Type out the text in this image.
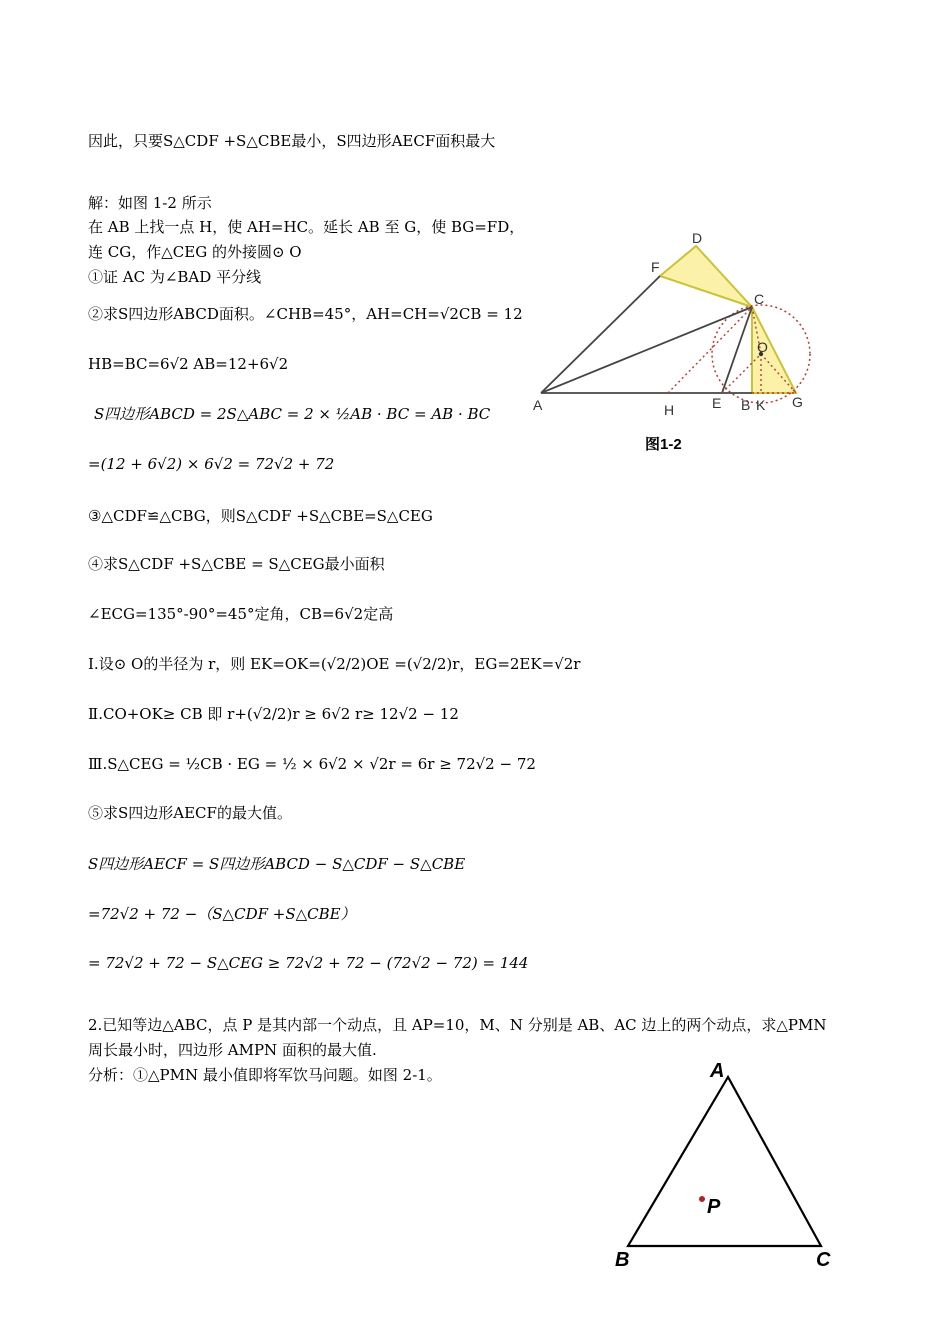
因此，只要S△CDF +S△CBE最小，S四边形AECF面积最大
解：如图 1-2 所示
在 AB 上找一点 H，使 AH=HC。延长 AB 至 G，使 BG=FD，
连 CG，作△CEG 的外接圆⊙ O
①证 AC 为∠BAD 平分线
②求S四边形ABCD面积。∠CHB=45°，AH=CH=√2CB = 12
HB=BC=6√2 AB=12+6√2
S四边形ABCD = 2S△ABC = 2 × ½AB · BC = AB · BC
=(12 + 6√2) × 6√2 = 72√2 + 72
③△CDF≌△CBG，则S△CDF +S△CBE=S△CEG
④求S△CDF +S△CBE = S△CEG最小面积
∠ECG=135°-90°=45°定角，CB=6√2定高
Ⅰ.设⊙ O的半径为 r，则 EK=OK=(√2/2)OE =(√2/2)r，EG=2EK=√2r
Ⅱ.CO+OK≥ CB 即 r+(√2/2)r ≥ 6√2 r≥ 12√2 − 12
Ⅲ.S△CEG = ½CB · EG = ½ × 6√2 × √2r = 6r ≥ 72√2 − 72
⑤求S四边形AECF的最大值。
S四边形AECF = S四边形ABCD − S△CDF − S△CBE
=72√2 + 72 −（S△CDF +S△CBE）
= 72√2 + 72 − S△CEG ≥ 72√2 + 72 − (72√2 − 72) = 144
2.已知等边△ABC，点 P 是其内部一个动点，且 AP=10，M、N 分别是 AB、AC 边上的两个动点，求△PMN
周长最小时，四边形 AMPN 面积的最大值.
分析：①△PMN 最小值即将军饮马问题。如图 2-1。
A	H	E B K G
C
O
D
F
图1-2
A
B	C
P
